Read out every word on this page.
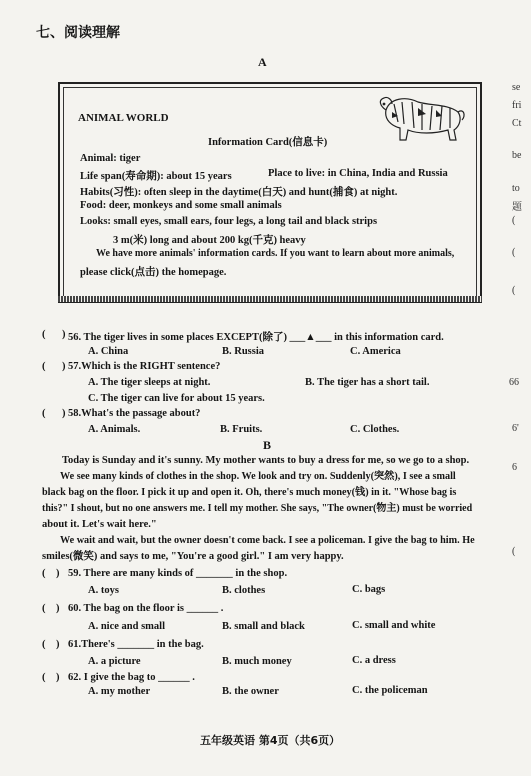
七、阅读理解
A
ANIMAL WORLD
Information Card(信息卡)
Animal: tiger
Life span(寿命期): about 15 years	Place to live: in China, India and Russia
Habits(习性): often sleep in the daytime(白天) and hunt(捕食) at night.
Food: deer, monkeys and some small animals
Looks: small eyes, small ears, four legs, a long tail and black strips
3 m(米) long and about 200 kg(千克) heavy
We have more animals' information cards. If you want to learn about more animals,
please click(点击) the homepage.
( ) 56. The tiger lives in some places EXCEPT(除了) ___▲___ in this information card.
A. China	B. Russia	C. America
( ) 57.Which is the RIGHT sentence?
A. The tiger sleeps at night.	B. The tiger has a short tail.
C. The tiger can live for about 15 years.
( ) 58.What's the passage about?
A. Animals.	B. Fruits.	C. Clothes.
B
Today is Sunday and it's sunny. My mother wants to buy a dress for me, so we go to a shop.
We see many kinds of clothes in the shop. We look and try on. Suddenly(突然), I see a small
black bag on the floor. I pick it up and open it. Oh, there's much money(钱) in it. "Whose bag is
this?" I shout, but no one answers me. I tell my mother. She says, "The owner(物主) must be worried
about it. Let's wait here."
We wait and wait, but the owner doesn't come back. I see a policeman. I give the bag to him. He
smiles(微笑) and says to me, "You're a good girl." I am very happy.
(    ) 59. There are many kinds of _______ in the shop.
A. toys	B. clothes	C. bags
(    ) 60. The bag on the floor is ______ .
A. nice and small	B. small and black	C. small and white
(    ) 61.There's _______ in the bag.
A. a picture	B. much money	C. a dress
(    ) 62. I give the bag to ______ .
A. my mother	B. the owner	C. the policeman
五年级英语 第4页（共6页）
se
fri
Ct
be
to
题
(
(
(
66
6'
6
(
